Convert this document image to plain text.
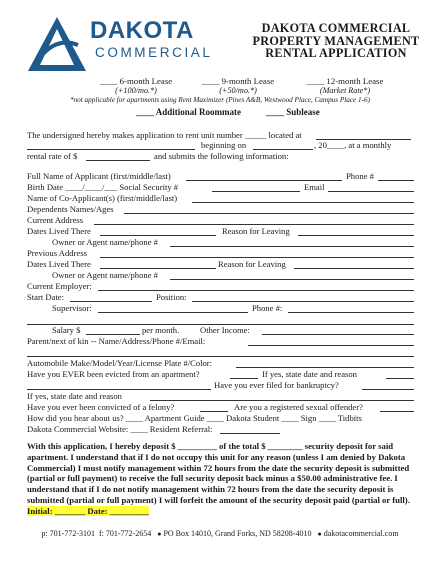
DAKOTA
COMMERCIAL
DAKOTA COMMERCIAL
PROPERTY MANAGEMENT
RENTAL APPLICATION
____ 6-month Lease
(+100/mo.*)
____ 9-month Lease
(+50/mo.*)
____ 12-month Lease
(Market Rate*)
*not applicable for apartments using Rent Maximizer (Pines A&B, Westwood Place, Campus Place 1-6)
____ Additional Roommate	____ Sublease
The undersigned hereby makes application to rent unit number _____ located at
beginning on	, 20____, at a monthly
rental rate of $	and submits the following information:
Full Name of Applicant (first/middle/last)	Phone #
Birth Date ____/____/___ Social Security #	Email
Name of Co-Applicant(s) (first/middle/last)
Dependents Names/Ages
Current Address
Dates Lived There	Reason for Leaving
Owner or Agent name/phone #
Previous Address
Dates Lived There	Reason for Leaving
Owner or Agent name/phone #
Current Employer:
Start Date:	Position:
Supervisor:	Phone #:
Salary $	per month. Other Income:
Parent/next of kin -- Name/Address/Phone #/Email:
Automobile Make/Model/Year/License Plate #/Color:
Have you EVER been evicted from an apartment?	If yes, state date and reason
Have you ever filed for bankruptcy?
If yes, state date and reason
Have you ever been convicted of a felony?	Are you a registered sexual offender?
How did you hear about us? ____ Apartment Guide ____ Dakota Student ____ Sign ____ Tidbits
Dakota Commercial Website: ____ Resident Referral:
With this application, I hereby deposit $ _________ of the total $ ________ security deposit for said apartment. I understand that if I do not occupy this unit for any reason (unless I am denied by Dakota Commercial) I must notify management within 72 hours from the date the security deposit is submitted (partial or full payment) to receive the full security deposit back minus a $50.00 administrative fee. I understand that if I do not notify management within 72 hours from the date the security deposit is submitted (partial or full payment) I will forfeit the amount of the security deposit paid (partial or full).
Initial: _______ Date: _________
p: 701-772-3101 f: 701-772-2654 ● PO Box 14010, Grand Forks, ND 58208-4010 ● dakotacommercial.com
